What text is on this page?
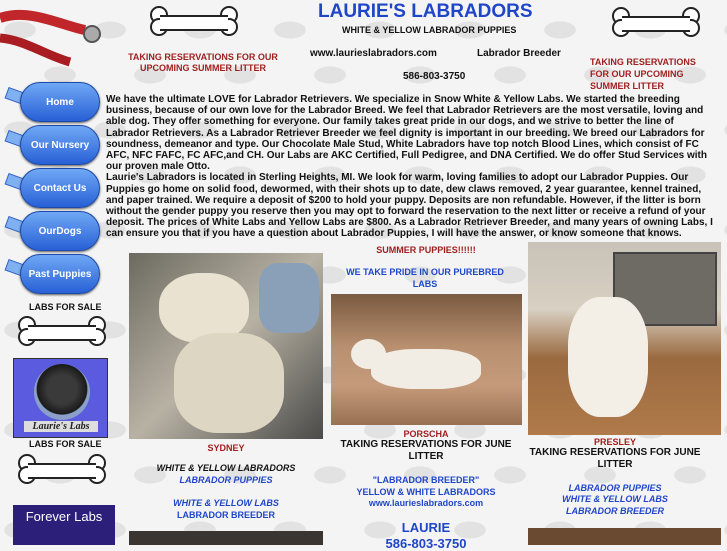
LAURIE'S LABRADORS
WHITE & YELLOW LABRADOR PUPPIES
TAKING RESERVATIONS FOR OUR UPCOMING SUMMER LITTER
www.laurieslabradors.com	Labrador Breeder
586-803-3750
TAKING RESERVATIONS FOR OUR UPCOMING SUMMER LITTER
Home
Our Nursery
Contact Us
OurDogs
Past Puppies
LABS FOR SALE
Laurie's Labs
LABS FOR SALE
Forever Labs

We have the ultimate LOVE for Labrador Retrievers. We specialize in Snow White & Yellow Labs. We started the breeding business, because of our own love for the Labrador Breed. We feel that Labrador Retrievers are the most versatile, loving and able dog. They offer something for everyone. Our family takes great pride in our dogs, and we strive to better the line of Labrador Retrievers. As a Labrador Retriever Breeder we feel dignity is important in our breeding. We breed our Labradors for soundness, demeanor and type. Our Chocolate Male Stud, White Labradors have top notch Blood Lines, which consist of FC AFC, NFC FAFC, FC AFC,and CH. Our Labs are AKC Certified, Full Pedigree, and DNA Certified. We do offer Stud Services with our proven male Otto.

Laurie's Labradors is located in Sterling Heights, MI. We look for warm, loving families to adopt our Labrador Puppies. Our Puppies go home on solid food, dewormed, with their shots up to date, dew claws removed, 2 year guarantee, kennel trained, and paper trained. We require a deposit of $200 to hold your puppy. Deposits are non refundable. However, if the litter is born without the gender puppy you reserve then you may opt to forward the reservation to the next litter or receive a refund of your deposit. The prices of White Labs and Yellow Labs are $800. As a Labrador Retriever Breeder, and many years of owning Labs, I can ensure you that if you have a question about Labrador Puppies, I will have the answer, or know someone that knows.

SYDNEY
WHITE & YELLOW LABRADORS
LABRADOR PUPPIES
WHITE & YELLOW LABS
LABRADOR BREEDER
SUMMER PUPPIES!!!!!!
WE TAKE PRIDE IN OUR PUREBRED LABS
PORSCHA
TAKING RESERVATIONS FOR JUNE LITTER
"LABRADOR BREEDER"
YELLOW & WHITE LABRADORS
www.laurieslabradors.com
LAURIE
586-803-3750
PRESLEY
TAKING RESERVATIONS FOR JUNE LITTER
LABRADOR PUPPIES
WHITE & YELLOW LABS
LABRADOR BREEDER
